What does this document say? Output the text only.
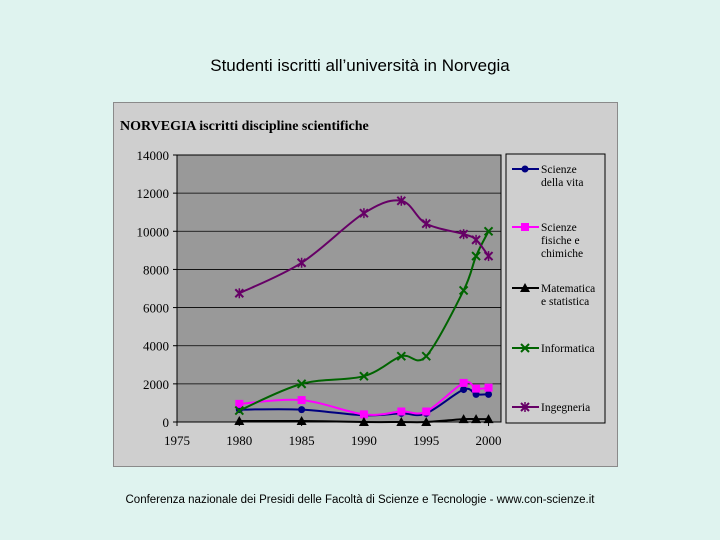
Studenti iscritti all’università in Norvegia
NORVEGIA iscritti discipline scientifiche
0
2000
4000
6000
8000
10000
12000
14000
1975	1980	1985	1990	1995	2000
Scienze
della vita
Scienze
fisiche e
chimiche
Matematica
e statistica
Informatica
Ingegneria
Conferenza nazionale dei Presidi delle Facoltà di Scienze e Tecnologie - www.con-scienze.it
